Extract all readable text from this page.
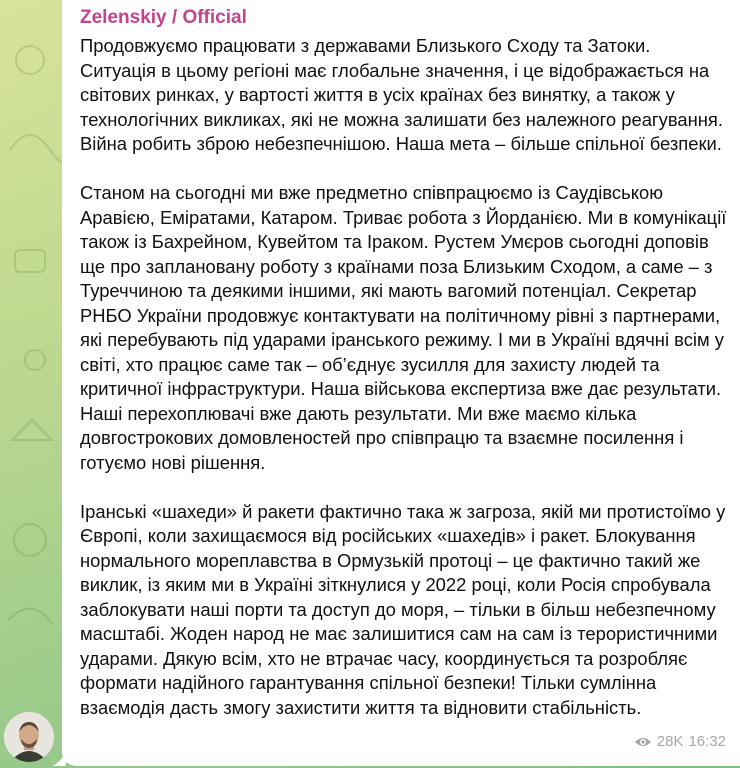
Zelenskiy / Official

Продовжуємо працювати з державами Близького Сходу та Затоки. Ситуація в цьому регіоні має глобальне значення, і це відображається на світових ринках, у вартості життя в усіх країнах без винятку, а також у технологічних викликах, які не можна залишати без належного реагування. Війна робить зброю небезпечнішою. Наша мета – більше спільної безпеки.

Станом на сьогодні ми вже предметно співпрацюємо із Саудівською Аравією, Еміратами, Катаром. Триває робота з Йорданією. Ми в комунікації також із Бахрейном, Кувейтом та Іраком. Рустем Умєров сьогодні доповів ще про заплановану роботу з країнами поза Близьким Сходом, а саме – з Туреччиною та деякими іншими, які мають вагомий потенціал. Секретар РНБО України продовжує контактувати на політичному рівні з партнерами, які перебувають під ударами іранського режиму. І ми в Україні вдячні всім у світі, хто працює саме так – об’єднує зусилля для захисту людей та критичної інфраструктури. Наша військова експертиза вже дає результати. Наші перехоплювачі вже дають результати. Ми вже маємо кілька довгострокових домовленостей про співпрацю та взаємне посилення і готуємо нові рішення.

Іранські «шахеди» й ракети фактично така ж загроза, якій ми протистоїмо у Європі, коли захищаємося від російських «шахедів» і ракет. Блокування нормального мореплавства в Ормузькій протоці – це фактично такий же виклик, із яким ми в Україні зіткнулися у 2022 році, коли Росія спробувала заблокувати наші порти та доступ до моря, – тільки в більш небезпечному масштабі. Жоден народ не має залишитися сам на сам із терористичними ударами. Дякую всім, хто не втрачає часу, координується та розробляє формати надійного гарантування спільної безпеки! Тільки сумлінна взаємодія дасть змогу захистити життя та відновити стабільність.

28K 16:32
